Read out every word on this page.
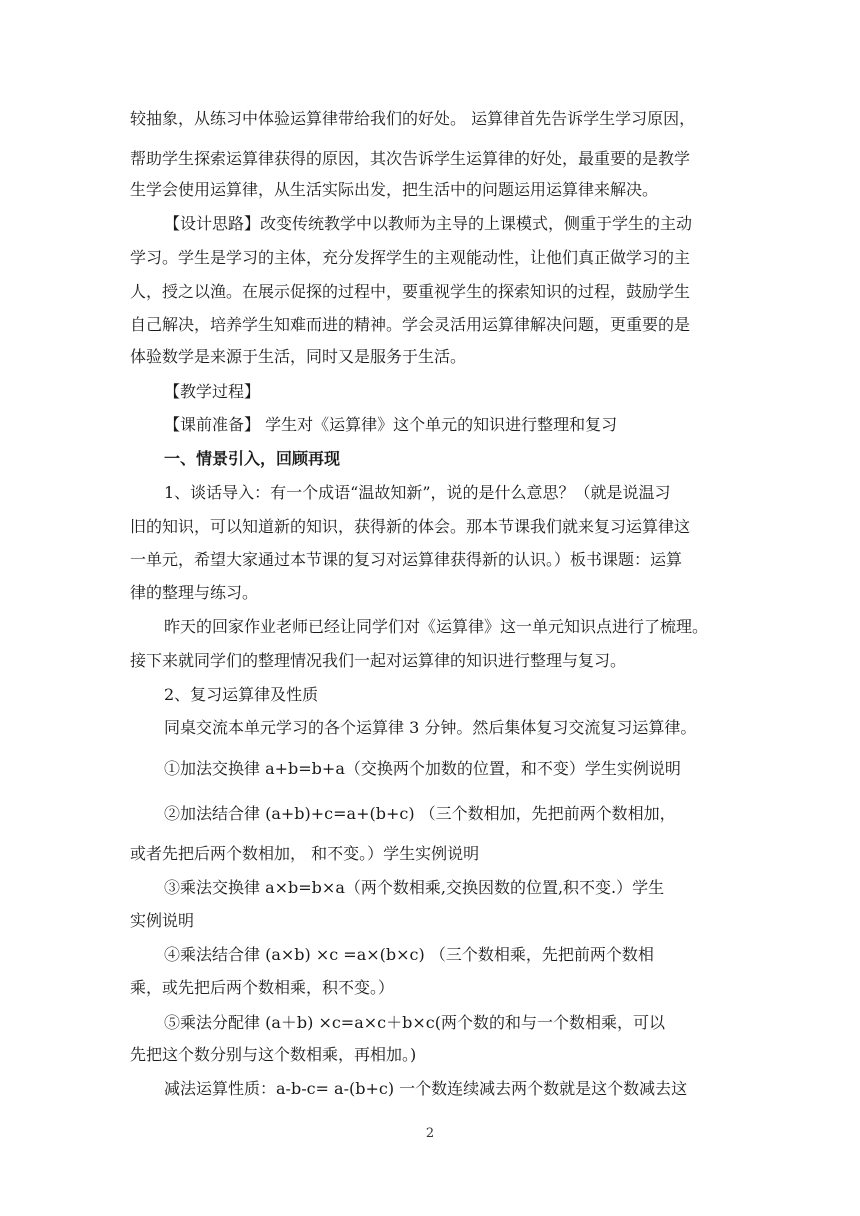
较抽象，从练习中体验运算律带给我们的好处。 运算律首先告诉学生学习原因，
帮助学生探索运算律获得的原因，其次告诉学生运算律的好处，最重要的是教学
生学会使用运算律，从生活实际出发，把生活中的问题运用运算律来解决。
【设计思路】改变传统教学中以教师为主导的上课模式，侧重于学生的主动
学习。学生是学习的主体，充分发挥学生的主观能动性，让他们真正做学习的主
人，授之以渔。在展示促探的过程中，要重视学生的探索知识的过程，鼓励学生
自己解决，培养学生知难而进的精神。学会灵活用运算律解决问题，更重要的是
体验数学是来源于生活，同时又是服务于生活。
【教学过程】
【课前准备】 学生对《运算律》这个单元的知识进行整理和复习
一、情景引入，回顾再现
1、谈话导入：有一个成语“温故知新”，说的是什么意思？（就是说温习
旧的知识，可以知道新的知识，获得新的体会。那本节课我们就来复习运算律这
一单元，希望大家通过本节课的复习对运算律获得新的认识。）板书课题：运算
律的整理与练习。
昨天的回家作业老师已经让同学们对《运算律》这一单元知识点进行了梳理。
接下来就同学们的整理情况我们一起对运算律的知识进行整理与复习。
2、复习运算律及性质
同桌交流本单元学习的各个运算律 3 分钟。然后集体复习交流复习运算律。
①加法交换律 a+b=b+a（交换两个加数的位置，和不变）学生实例说明
②加法结合律 (a+b)+c=a+(b+c) （三个数相加，先把前两个数相加，
或者先把后两个数相加， 和不变。）学生实例说明
③乘法交换律 a×b=b×a（两个数相乘,交换因数的位置,积不变.）学生
实例说明
④乘法结合律 (a×b) ×c =a×(b×c) （三个数相乘，先把前两个数相
乘，或先把后两个数相乘，积不变。）
⑤乘法分配律 (a＋b) ×c=a×c＋b×c(两个数的和与一个数相乘，可以
先把这个数分别与这个数相乘，再相加。)
减法运算性质：a-b-c= a-(b+c) 一个数连续减去两个数就是这个数减去这
2
